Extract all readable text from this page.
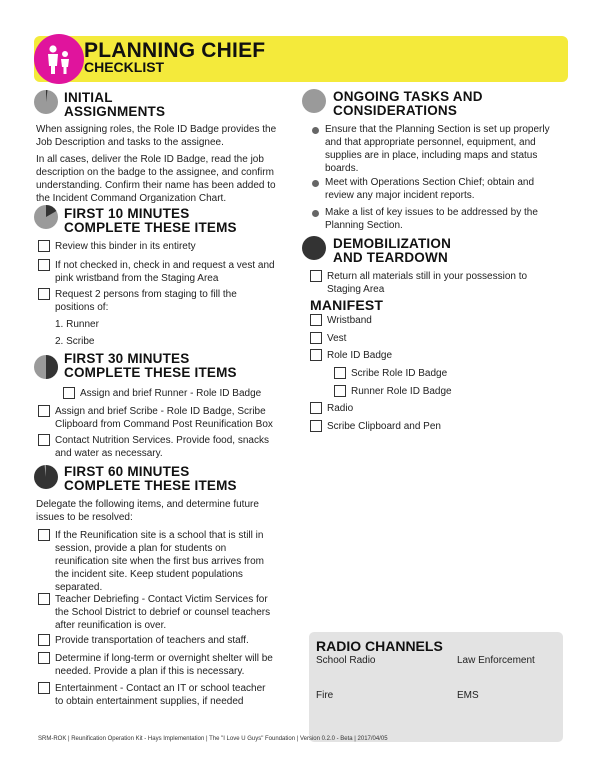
PLANNING CHIEF
CHECKLIST
INITIAL
ASSIGNMENTS
When assigning roles, the Role ID Badge provides the
Job Description and tasks to the assignee.
In all cases, deliver the Role ID Badge, read the job
description on the badge to the assignee, and confirm
understanding. Confirm their name has been added to
the Incident Command Organization Chart.
FIRST 10 MINUTES
COMPLETE THESE ITEMS
Review this binder in its entirety
If not checked in, check in and request a vest and
pink wristband from the Staging Area
Request 2 persons from staging to fill the
positions of:
1. Runner
2. Scribe
FIRST 30 MINUTES
COMPLETE THESE ITEMS
Assign and brief Runner - Role ID Badge
Assign and brief Scribe - Role ID Badge, Scribe
Clipboard from Command Post Reunification Box
Contact Nutrition Services. Provide food, snacks
and water as necessary.
FIRST 60 MINUTES
COMPLETE THESE ITEMS
Delegate the following items, and determine future
issues to be resolved:
If the Reunification site is a school that is still in
session, provide a plan for students on
reunification site when the first bus arrives from
the incident site. Keep student populations
separated.
Teacher Debriefing - Contact Victim Services for
the School District to debrief or counsel teachers
after reunification is over.
Provide transportation of teachers and staff.
Determine if long-term or overnight shelter will be
needed. Provide a plan if this is necessary.
Entertainment - Contact an IT or school teacher
to obtain entertainment supplies, if needed
ONGOING TASKS AND
CONSIDERATIONS
Ensure that the Planning Section is set up properly
and that appropriate personnel, equipment, and
supplies are in place, including maps and status
boards.
Meet with Operations Section Chief; obtain and
review any major incident reports.
Make a list of key issues to be addressed by the
Planning Section.
DEMOBILIZATION
AND TEARDOWN
Return all materials still in your possession to
Staging Area
MANIFEST
Wristband
Vest
Role ID Badge
Scribe Role ID Badge
Runner Role ID Badge
Radio
Scribe Clipboard and Pen
RADIO CHANNELS
School Radio	Law Enforcement
Fire	EMS
SRM-ROK | Reunification Operation Kit - Hays Implementation | The "I Love U Guys" Foundation | Version 0.2.0 - Beta | 2017/04/05
